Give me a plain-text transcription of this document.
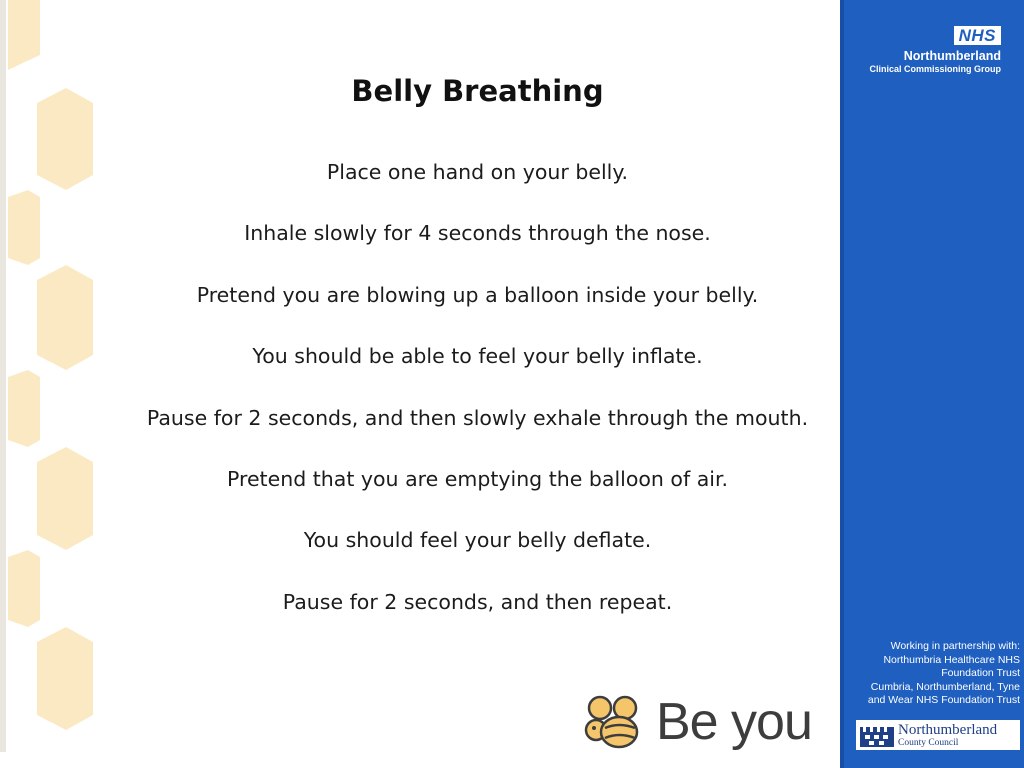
Belly Breathing
Place one hand on your belly.
Inhale slowly for 4 seconds through the nose.
Pretend you are blowing up a balloon inside your belly.
You should be able to feel your belly inflate.
Pause for 2 seconds, and then slowly exhale through the mouth.
Pretend that you are emptying the balloon of air.
You should feel your belly deflate.
Pause for 2 seconds, and then repeat.
Be you
NHS
Northumberland
Clinical Commissioning Group
Working in partnership with:
Northumbria Healthcare NHS
Foundation Trust
Cumbria, Northumberland, Tyne
and Wear NHS Foundation Trust
Northumberland
County Council
